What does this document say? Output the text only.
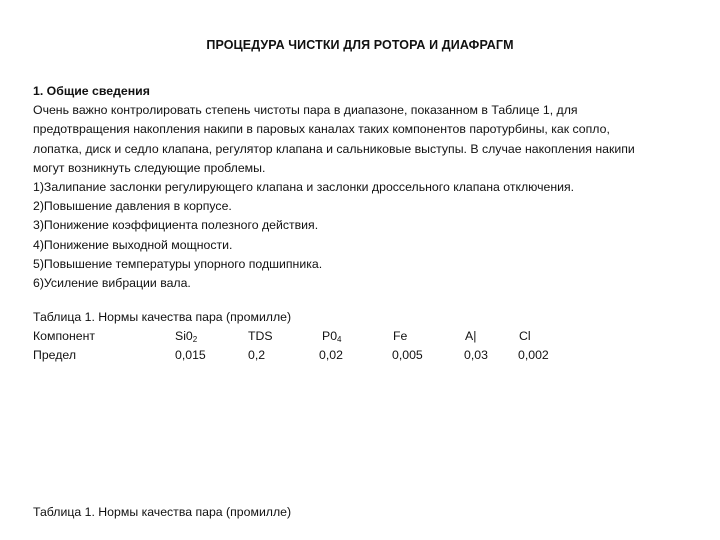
ПРОЦЕДУРА ЧИСТКИ ДЛЯ РОТОРА И ДИАФРАГМ
1. Общие сведения
Очень важно контролировать степень чистоты пара в диапазоне, показанном в Таблице 1, для
предотвращения накопления накипи в паровых каналах таких компонентов паротурбины, как сопло,
лопатка, диск и седло клапана, регулятор клапана и сальниковые выступы. В случае накопления накипи
могут возникнуть следующие проблемы.
1)Залипание заслонки регулирующего клапана и заслонки дроссельного клапана отключения.
2)Повышение давления в корпусе.
3)Понижение коэффициента полезного действия.
4)Понижение выходной мощности.
5)Повышение температуры упорного подшипника.
6)Усиление вибрации вала.
Таблица 1. Нормы качества пара (промилле)
Компонент	$Si0_2$	TDS	$P0_4$	Fe	A|	Cl
Предел	0,015	0,2	0,02	0,005	0,03 0,002
Таблица 1. Нормы качества пара (промилле)
